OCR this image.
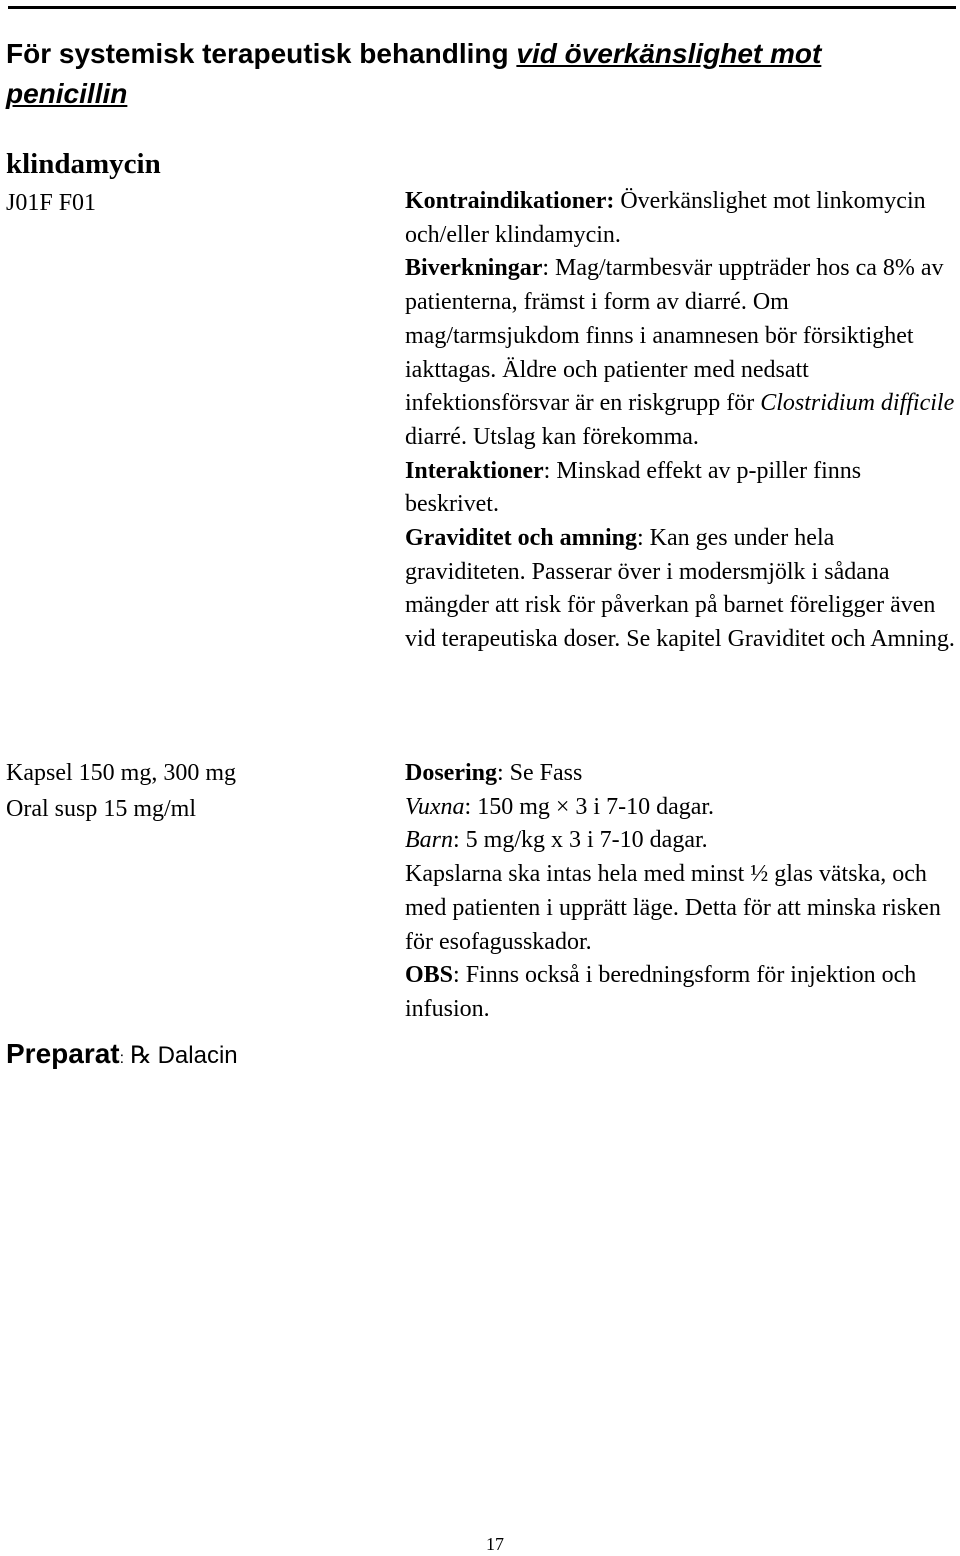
För systemisk terapeutisk behandling vid överkänslighet mot penicillin
klindamycin
J01F F01
Kapsel 150 mg, 300 mg
Oral susp 15 mg/ml
Preparat: ℞ Dalacin

Kontraindikationer: Överkänslighet mot linkomycin och/eller klindamycin.

Biverkningar: Mag/tarmbesvär uppträder hos ca 8% av patienterna, främst i form av diarré. Om mag/tarmsjukdom finns i anamnesen bör försiktighet iakttagas. Äldre och patienter med nedsatt infektionsförsvar är en riskgrupp för Clostridium difficile diarré. Utslag kan förekomma.

Interaktioner: Minskad effekt av p-piller finns beskrivet.

Graviditet och amning: Kan ges under hela graviditeten. Passerar över i modersmjölk i sådana mängder att risk för påverkan på barnet föreligger även vid terapeutiska doser. Se kapitel Graviditet och Amning.

Dosering: Se Fass

Vuxna: 150 mg × 3 i 7-10 dagar.

Barn: 5 mg/kg x 3 i 7-10 dagar.

Kapslarna ska intas hela med minst ½ glas vätska, och med patienten i upprätt läge. Detta för att minska risken för esofagusskador.

OBS: Finns också i beredningsform för injektion och infusion.

17
